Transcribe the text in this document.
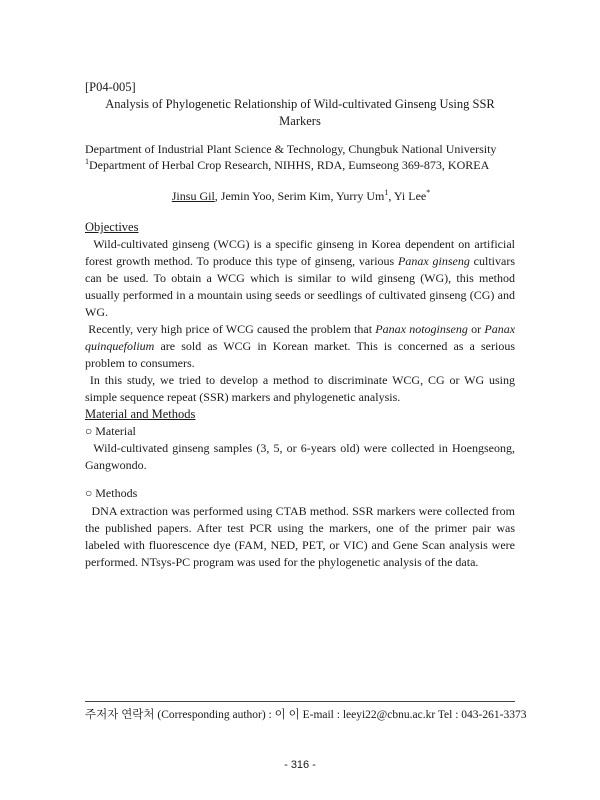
[P04-005]
Analysis of Phylogenetic Relationship of Wild-cultivated Ginseng Using SSR
Markers
Department of Industrial Plant Science & Technology, Chungbuk National University
$^1$Department of Herbal Crop Research, NIHHS, RDA, Eumseong 369-873, KOREA
Jinsu Gil, Jemin Yoo, Serim Kim, Yurry Um$^1$, Yi Lee*
Objectives

Wild-cultivated ginseng (WCG) is a specific ginseng in Korea dependent on artificial forest growth method. To produce this type of ginseng, various Panax ginseng cultivars can be used. To obtain a WCG which is similar to wild ginseng (WG), this method usually performed in a mountain using seeds or seedlings of cultivated ginseng (CG) and WG.

Recently, very high price of WCG caused the problem that Panax notoginseng or Panax quinquefolium are sold as WCG in Korean market. This is concerned as a serious problem to consumers.

In this study, we tried to develop a method to discriminate WCG, CG or WG using simple sequence repeat (SSR) markers and phylogenetic analysis.

Material and Methods
○ Material

Wild-cultivated ginseng samples (3, 5, or 6-years old) were collected in Hoengseong, Gangwondo.

○ Methods

DNA extraction was performed using CTAB method. SSR markers were collected from the published papers. After test PCR using the markers, one of the primer pair was labeled with fluorescence dye (FAM, NED, PET, or VIC) and Gene Scan analysis were performed. NTsys-PC program was used for the phylogenetic analysis of the data.

주저자 연락처 (Corresponding author) : 이 이 E-mail : leeyi22@cbnu.ac.kr Tel : 043-261-3373
- 316 -
